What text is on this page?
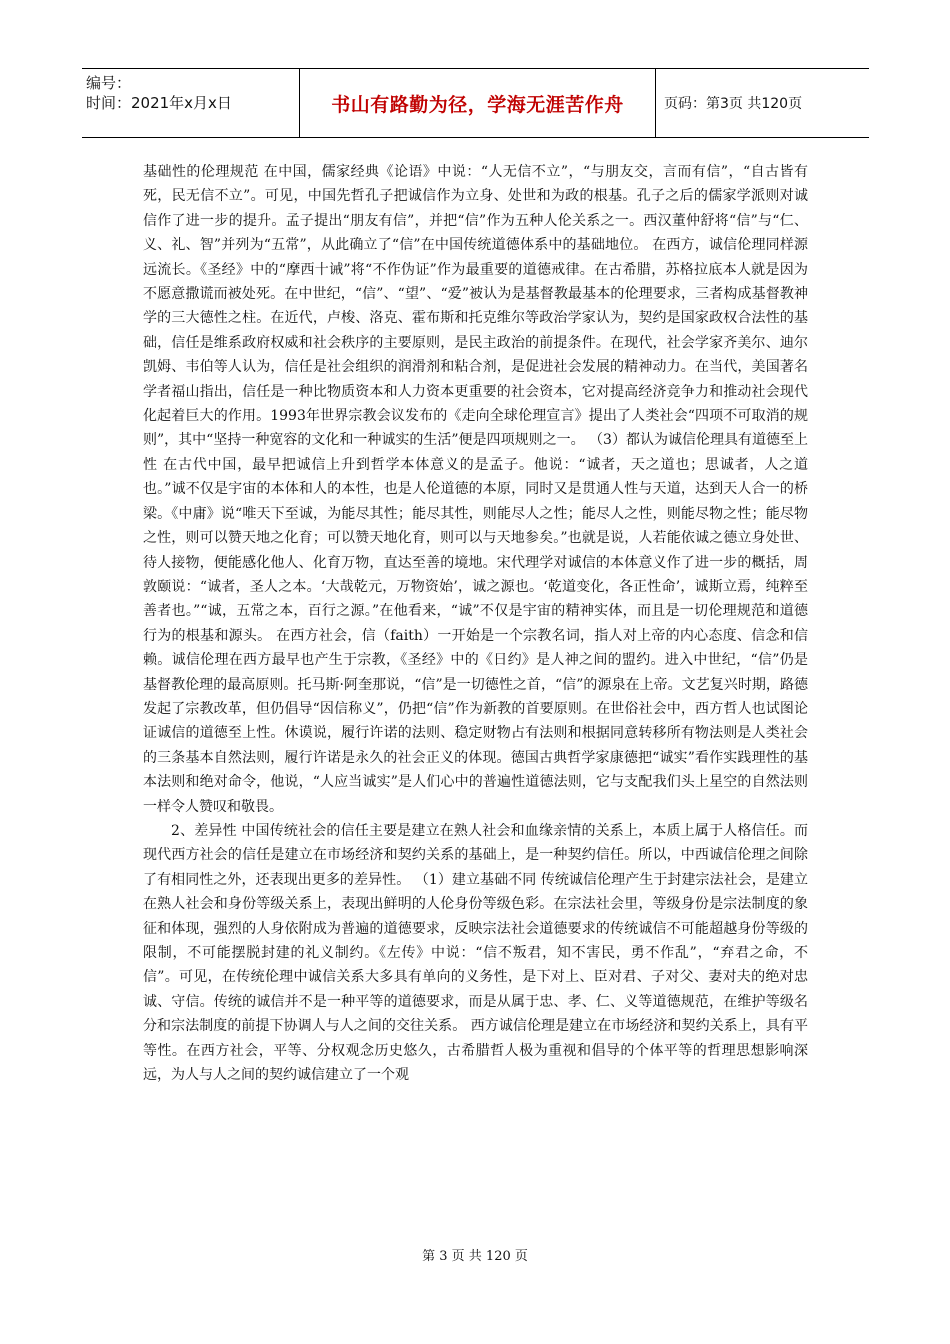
编号：
时间：2021年x月x日	书山有路勤为径，学海无涯苦作舟	页码：第3页 共120页

基础性的伦理规范 在中国，儒家经典《论语》中说：“人无信不立”，“与朋友交，言而有信”，“自古皆有死，民无信不立”。可见，中国先哲孔子把诚信作为立身、处世和为政的根基。孔子之后的儒家学派则对诚信作了进一步的提升。孟子提出“朋友有信”，并把“信”作为五种人伦关系之一。西汉董仲舒将“信”与“仁、义、礼、智”并列为“五常”，从此确立了“信”在中国传统道德体系中的基础地位。 在西方，诚信伦理同样源远流长。《圣经》中的“摩西十诫”将“不作伪证”作为最重要的道德戒律。在古希腊，苏格拉底本人就是因为不愿意撒谎而被处死。在中世纪，“信”、“望”、“爱”被认为是基督教最基本的伦理要求，三者构成基督教神学的三大德性之柱。在近代，卢梭、洛克、霍布斯和托克维尔等政治学家认为，契约是国家政权合法性的基础，信任是维系政府权威和社会秩序的主要原则，是民主政治的前提条件。在现代，社会学家齐美尔、迪尔凯姆、韦伯等人认为，信任是社会组织的润滑剂和粘合剂，是促进社会发展的精神动力。在当代，美国著名学者福山指出，信任是一种比物质资本和人力资本更重要的社会资本，它对提高经济竞争力和推动社会现代化起着巨大的作用。1993年世界宗教会议发布的《走向全球伦理宣言》提出了人类社会“四项不可取消的规则”，其中“坚持一种宽容的文化和一种诚实的生活”便是四项规则之一。 （3）都认为诚信伦理具有道德至上性 在古代中国，最早把诚信上升到哲学本体意义的是孟子。他说：“诚者，天之道也；思诚者，人之道也。”诚不仅是宇宙的本体和人的本性，也是人伦道德的本原，同时又是贯通人性与天道，达到天人合一的桥梁。《中庸》说“唯天下至诚，为能尽其性；能尽其性，则能尽人之性；能尽人之性，则能尽物之性；能尽物之性，则可以赞天地之化育；可以赞天地化育，则可以与天地参矣。”也就是说，人若能依诚之德立身处世、待人接物，便能感化他人、化育万物，直达至善的境地。宋代理学对诚信的本体意义作了进一步的概括，周敦颐说：“诚者，圣人之本。‘大哉乾元，万物资始’，诚之源也。‘乾道变化，各正性命’，诚斯立焉，纯粹至善者也。”“诚，五常之本，百行之源。”在他看来，“诚”不仅是宇宙的精神实体，而且是一切伦理规范和道德行为的根基和源头。 在西方社会，信（faith）一开始是一个宗教名词，指人对上帝的内心态度、信念和信赖。诚信伦理在西方最早也产生于宗教，《圣经》中的《日约》是人神之间的盟约。进入中世纪，“信”仍是基督教伦理的最高原则。托马斯·阿奎那说，“信”是一切德性之首，“信”的源泉在上帝。文艺复兴时期，路德发起了宗教改革，但仍倡导“因信称义”，仍把“信”作为新教的首要原则。在世俗社会中，西方哲人也试图论证诚信的道德至上性。休谟说，履行许诺的法则、稳定财物占有法则和根据同意转移所有物法则是人类社会的三条基本自然法则，履行许诺是永久的社会正义的体现。德国古典哲学家康德把“诚实”看作实践理性的基本法则和绝对命令，他说，“人应当诚实”是人们心中的普遍性道德法则，它与支配我们头上星空的自然法则一样令人赞叹和敬畏。

2、差异性 中国传统社会的信任主要是建立在熟人社会和血缘亲情的关系上，本质上属于人格信任。而现代西方社会的信任是建立在市场经济和契约关系的基础上，是一种契约信任。所以，中西诚信伦理之间除了有相同性之外，还表现出更多的差异性。 （1）建立基础不同 传统诚信伦理产生于封建宗法社会，是建立在熟人社会和身份等级关系上，表现出鲜明的人伦身份等级色彩。在宗法社会里，等级身份是宗法制度的象征和体现，强烈的人身依附成为普遍的道德要求，反映宗法社会道德要求的传统诚信不可能超越身份等级的限制，不可能摆脱封建的礼义制约。《左传》中说：“信不叛君，知不害民，勇不作乱”，“弃君之命，不信”。可见，在传统伦理中诚信关系大多具有单向的义务性，是下对上、臣对君、子对父、妻对夫的绝对忠诚、守信。传统的诚信并不是一种平等的道德要求，而是从属于忠、孝、仁、义等道德规范，在维护等级名分和宗法制度的前提下协调人与人之间的交往关系。 西方诚信伦理是建立在市场经济和契约关系上，具有平等性。在西方社会，平等、分权观念历史悠久，古希腊哲人极为重视和倡导的个体平等的哲理思想影响深远，为人与人之间的契约诚信建立了一个观

第 3 页 共 120 页
